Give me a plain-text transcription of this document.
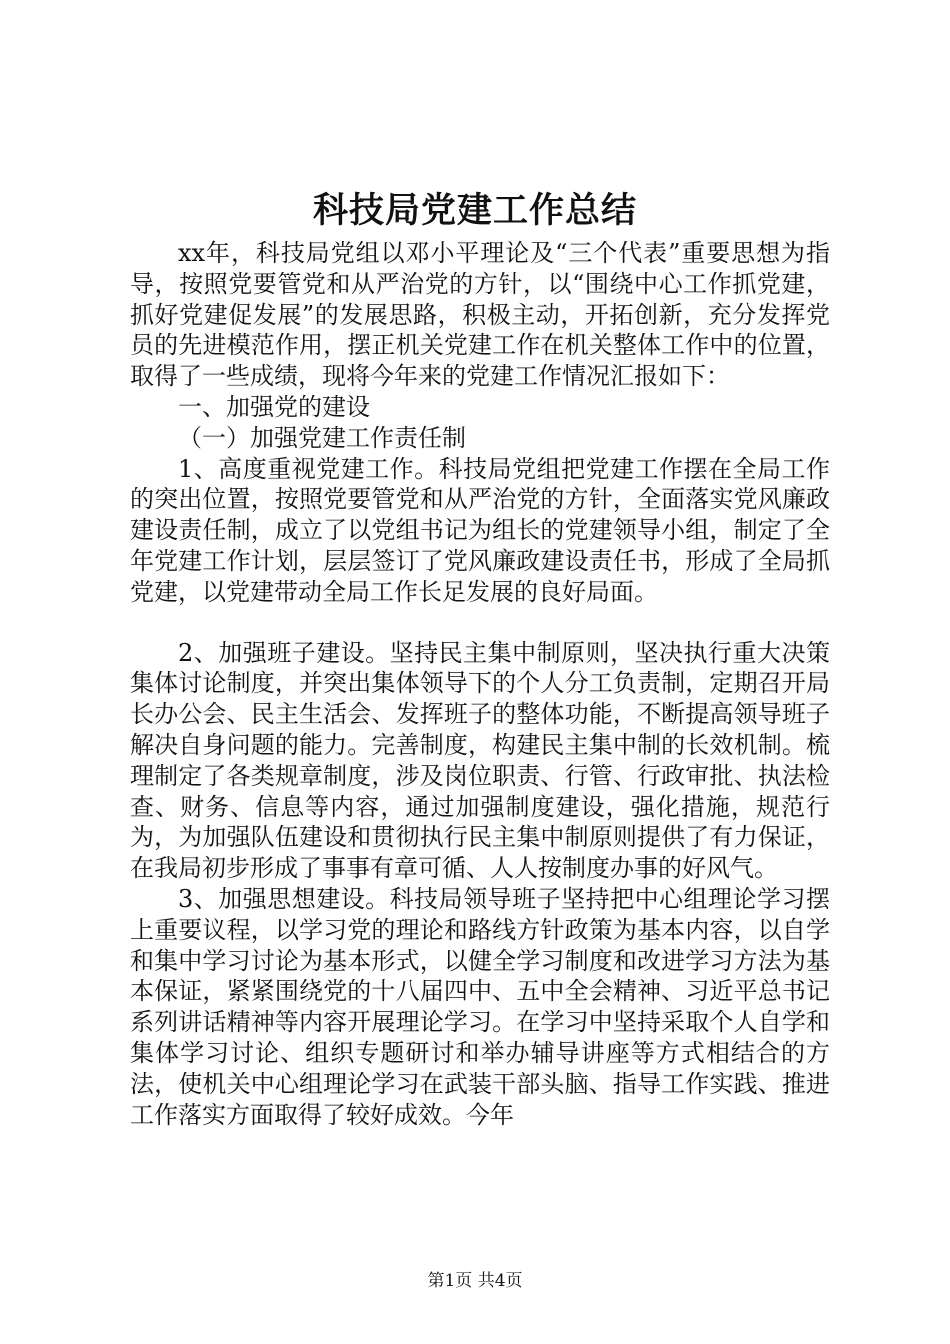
科技局党建工作总结

xx年，科技局党组以邓小平理论及“三个代表”重要思想为指导，按照党要管党和从严治党的方针，以“围绕中心工作抓党建，抓好党建促发展”的发展思路，积极主动，开拓创新，充分发挥党员的先进模范作用，摆正机关党建工作在机关整体工作中的位置，取得了一些成绩，现将今年来的党建工作情况汇报如下：

一、加强党的建设

（一）加强党建工作责任制

1、高度重视党建工作。科技局党组把党建工作摆在全局工作的突出位置，按照党要管党和从严治党的方针，全面落实党风廉政建设责任制，成立了以党组书记为组长的党建领导小组，制定了全年党建工作计划，层层签订了党风廉政建设责任书，形成了全局抓党建，以党建带动全局工作长足发展的良好局面。

2、加强班子建设。坚持民主集中制原则，坚决执行重大决策集体讨论制度，并突出集体领导下的个人分工负责制，定期召开局长办公会、民主生活会、发挥班子的整体功能，不断提高领导班子解决自身问题的能力。完善制度，构建民主集中制的长效机制。梳理制定了各类规章制度，涉及岗位职责、行管、行政审批、执法检查、财务、信息等内容，通过加强制度建设，强化措施，规范行为，为加强队伍建设和贯彻执行民主集中制原则提供了有力保证，在我局初步形成了事事有章可循、人人按制度办事的好风气。

3、加强思想建设。科技局领导班子坚持把中心组理论学习摆上重要议程，以学习党的理论和路线方针政策为基本内容，以自学和集中学习讨论为基本形式，以健全学习制度和改进学习方法为基本保证，紧紧围绕党的十八届四中、五中全会精神、习近平总书记系列讲话精神等内容开展理论学习。在学习中坚持采取个人自学和集体学习讨论、组织专题研讨和举办辅导讲座等方式相结合的方法，使机关中心组理论学习在武装干部头脑、指导工作实践、推进工作落实方面取得了较好成效。今年

第1页 共4页
